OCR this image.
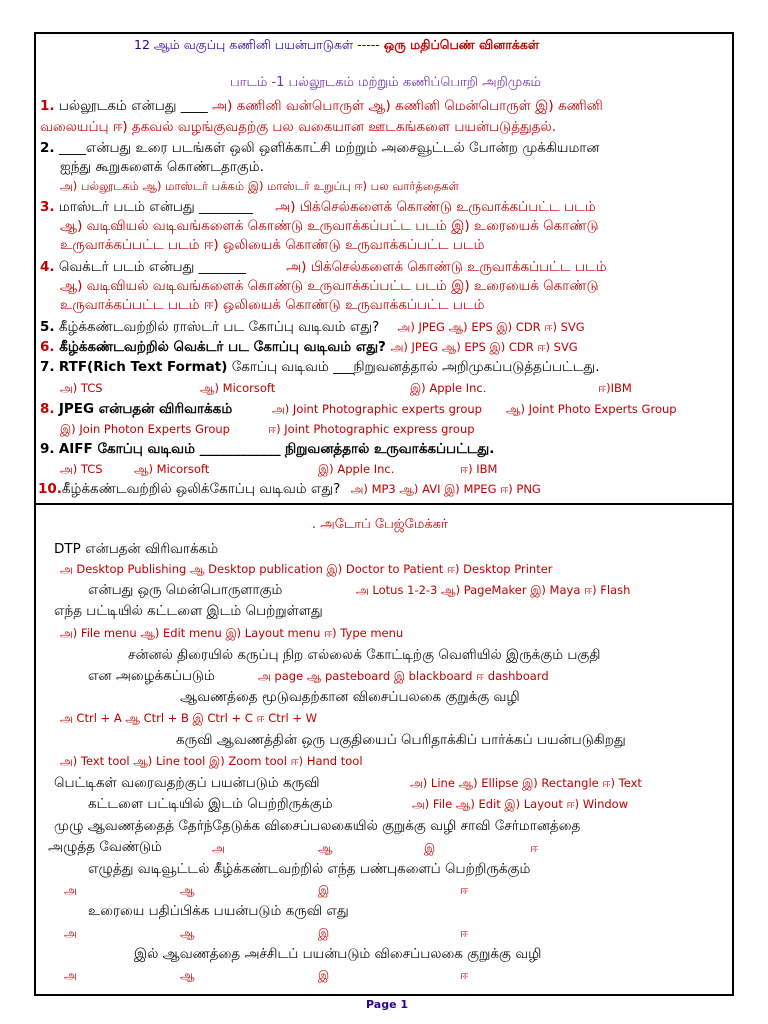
12 ஆம் வகுப்பு கணினி பயன்பாடுகள் ----- ஒரு மதிப்பெண் வினாக்கள்
பாடம் -1 பல்லூடகம் மற்றும் கணிப்பொறி அறிமுகம்
1. பல்லூடகம் என்பது ____ அ) கணினி வன்பொருள் ஆ) கணினி மென்பொருள் இ) கணினி
வலையப்பு ஈ) தகவல் வழங்குவதற்கு பல வகையான ஊடகங்களை பயன்படுத்துதல்.
2. ____என்பது உரை படங்கள் ஒலி ஒளிக்காட்சி மற்றும் அசைவூட்டல் போன்ற முக்கியமான
ஐந்து கூறுகளைக் கொண்டதாகும்.
அ) பல்லூடகம் ஆ) மாஸ்டர் பக்கம் இ) மாஸ்டர் உறுப்பு ஈ) பல வார்த்தைகள்
3. மாஸ்டர் படம் என்பது ________ அ) பிக்செல்களைக் கொண்டு உருவாக்கப்பட்ட படம்
ஆ) வடிவியல் வடிவங்களைக் கொண்டு உருவாக்கப்பட்ட படம் இ) உரையைக் கொண்டு
உருவாக்கப்பட்ட படம் ஈ) ஒலியைக் கொண்டு உருவாக்கப்பட்ட படம்
4. வெக்டர் படம் என்பது _______	அ) பிக்செல்களைக் கொண்டு உருவாக்கப்பட்ட படம்
ஆ) வடிவியல் வடிவங்களைக் கொண்டு உருவாக்கப்பட்ட படம் இ) உரையைக் கொண்டு
உருவாக்கப்பட்ட படம் ஈ) ஒலியைக் கொண்டு உருவாக்கப்பட்ட படம்
5. கீழ்க்கண்டவற்றில் ராஸ்டர் பட கோப்பு வடிவம் எது? அ) JPEG ஆ) EPS இ) CDR ஈ) SVG
6. கீழ்க்கண்டவற்றில் வெக்டர் பட கோப்பு வடிவம் எது? அ) JPEG ஆ) EPS இ) CDR ஈ) SVG
7. RTF(Rich Text Format) கோப்பு வடிவம் ___நிறுவனத்தால் அறிமுகப்படுத்தப்பட்டது.
அ) TCS	ஆ) Micorsoft	இ) Apple Inc.	ஈ)IBM
8. JPEG என்பதன் விரிவாக்கம்	அ) Joint Photographic experts group ஆ) Joint Photo Experts Group
இ) Join Photon Experts Group	ஈ) Joint Photographic express group
9. AIFF கோப்பு வடிவம் ____________ நிறுவனத்தால் உருவாக்கப்பட்டது.
அ) TCS	ஆ) Micorsoft	இ) Apple Inc.	ஈ) IBM
10.கீழ்க்கண்டவற்றில் ஒலிக்கோப்பு வடிவம் எது? அ) MP3 ஆ) AVI இ) MPEG ஈ) PNG
. அடோப் பேஜ்மேக்கர்
DTP என்பதன் விரிவாக்கம்
அ Desktop Publishing ஆ Desktop publication இ) Doctor to Patient ஈ) Desktop Printer
என்பது ஒரு மென்பொருளாகும்	அ Lotus 1-2-3 ஆ) PageMaker இ) Maya ஈ) Flash
எந்த பட்டியில் கட்டளை இடம் பெற்றுள்ளது
அ) File menu ஆ) Edit menu இ) Layout menu ஈ) Type menu
சன்னல் திரையில் கருப்பு நிற எல்லைக் கோட்டிற்கு வெளியில் இருக்கும் பகுதி
என அழைக்கப்படும்	அ page ஆ pasteboard இ blackboard ஈ dashboard
ஆவணத்தை மூடுவதற்கான விசைப்பலகை குறுக்கு வழி
அ Ctrl + A ஆ Ctrl + B இ Ctrl + C ஈ Ctrl + W
கருவி ஆவணத்தின் ஒரு பகுதியைப் பெரிதாக்கிப் பார்க்கப் பயன்படுகிறது
அ) Text tool ஆ) Line tool இ) Zoom tool ஈ) Hand tool
பெட்டிகள் வரைவதற்குப் பயன்படும் கருவி	அ) Line ஆ) Ellipse இ) Rectangle ஈ) Text
கட்டளை பட்டியில் இடம் பெற்றிருக்கும்	அ) File ஆ) Edit இ) Layout ஈ) Window
முழு ஆவணத்தைத் தேர்ந்தேடுக்க விசைப்பலகையில் குறுக்கு வழி சாவி சேர்மானத்தை
அழுத்த வேண்டும்	அ	ஆ	இ	ஈ
எழுத்து வடிவூட்டல் கீழ்க்கண்டவற்றில் எந்த பண்புகளைப் பெற்றிருக்கும்
அ	ஆ	இ	ஈ
உரையை பதிப்பிக்க பயன்படும் கருவி எது
அ	ஆ	இ	ஈ
இல் ஆவணத்தை அச்சிடப் பயன்படும் விசைப்பலகை குறுக்கு வழி
அ	ஆ	இ	ஈ
Page 1
